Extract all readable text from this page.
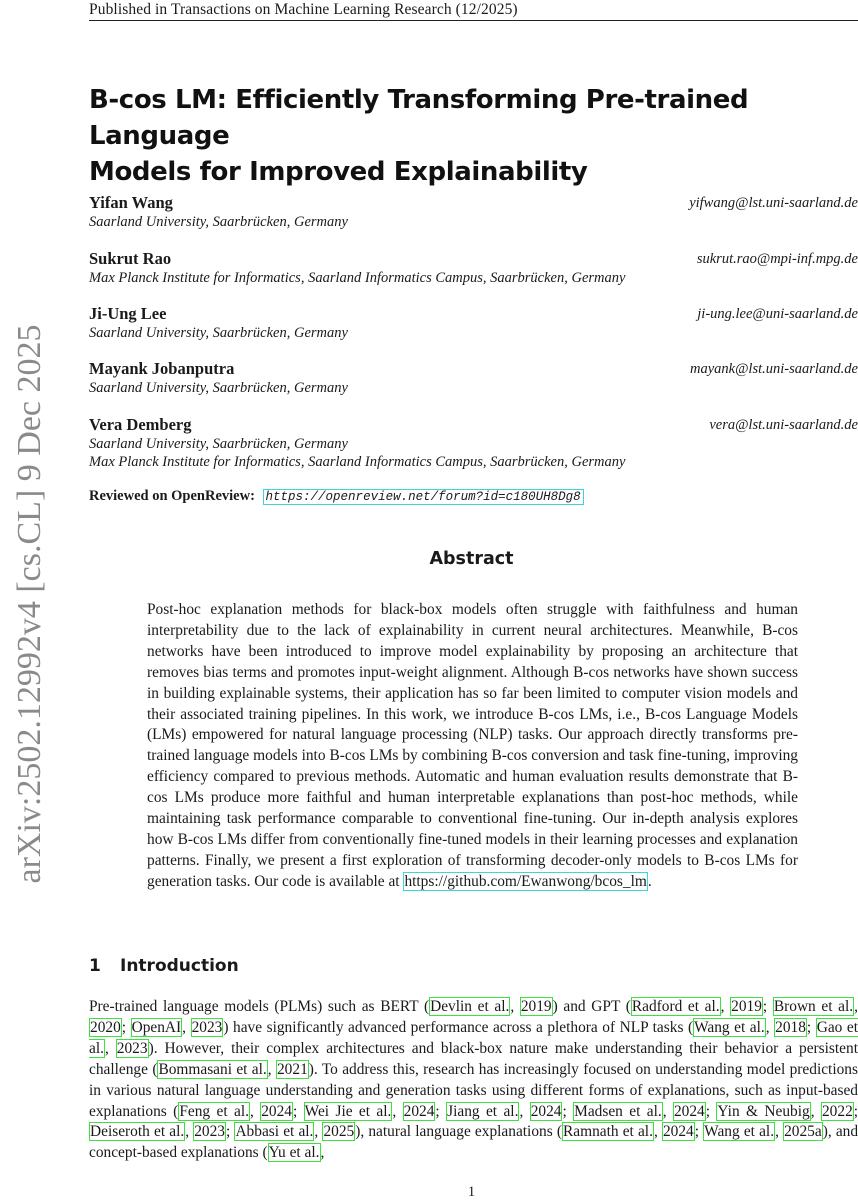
Published in Transactions on Machine Learning Research (12/2025)
arXiv:2502.12992v4 [cs.CL] 9 Dec 2025
B-cos LM: Efficiently Transforming Pre-trained Language
Models for Improved Explainability
Yifan Wang	yifwang@lst.uni-saarland.de
Saarland University, Saarbrücken, Germany
Sukrut Rao	sukrut.rao@mpi-inf.mpg.de
Max Planck Institute for Informatics, Saarland Informatics Campus, Saarbrücken, Germany
Ji-Ung Lee	ji-ung.lee@uni-saarland.de
Saarland University, Saarbrücken, Germany
Mayank Jobanputra	mayank@lst.uni-saarland.de
Saarland University, Saarbrücken, Germany
Vera Demberg	vera@lst.uni-saarland.de
Saarland University, Saarbrücken, Germany
Max Planck Institute for Informatics, Saarland Informatics Campus, Saarbrücken, Germany
Reviewed on OpenReview: https://openreview.net/forum?id=c180UH8Dg8
Abstract
Post-hoc explanation methods for black-box models often struggle with faithfulness and human interpretability due to the lack of explainability in current neural architectures. Meanwhile, B-cos networks have been introduced to improve model explainability by proposing an architecture that removes bias terms and promotes input-weight alignment. Although B-cos networks have shown success in building explainable systems, their application has so far been limited to computer vision models and their associated training pipelines. In this work, we introduce B-cos LMs, i.e., B-cos Language Models (LMs) empowered for natural language processing (NLP) tasks. Our approach directly transforms pre-trained language models into B-cos LMs by combining B-cos conversion and task fine-tuning, improving efficiency compared to previous methods. Automatic and human evaluation results demonstrate that B-cos LMs produce more faithful and human interpretable explanations than post-hoc methods, while maintaining task performance comparable to conventional fine-tuning. Our in-depth analysis explores how B-cos LMs differ from conventionally fine-tuned models in their learning processes and explanation patterns. Finally, we present a first exploration of transforming decoder-only models to B-cos LMs for generation tasks. Our code is available at https://github.com/Ewanwong/bcos_lm.
1 Introduction
Pre-trained language models (PLMs) such as BERT (Devlin et al., 2019) and GPT (Radford et al., 2019; Brown et al., 2020; OpenAI, 2023) have significantly advanced performance across a plethora of NLP tasks (Wang et al., 2018; Gao et al., 2023). However, their complex architectures and black-box nature make understanding their behavior a persistent challenge (Bommasani et al., 2021). To address this, research has increasingly focused on understanding model predictions in various natural language understanding and generation tasks using different forms of explanations, such as input-based explanations (Feng et al., 2024; Wei Jie et al., 2024; Jiang et al., 2024; Madsen et al., 2024; Yin & Neubig, 2022; Deiseroth et al., 2023; Abbasi et al., 2025), natural language explanations (Ramnath et al., 2024; Wang et al., 2025a), and concept-based explanations (Yu et al.,
1
